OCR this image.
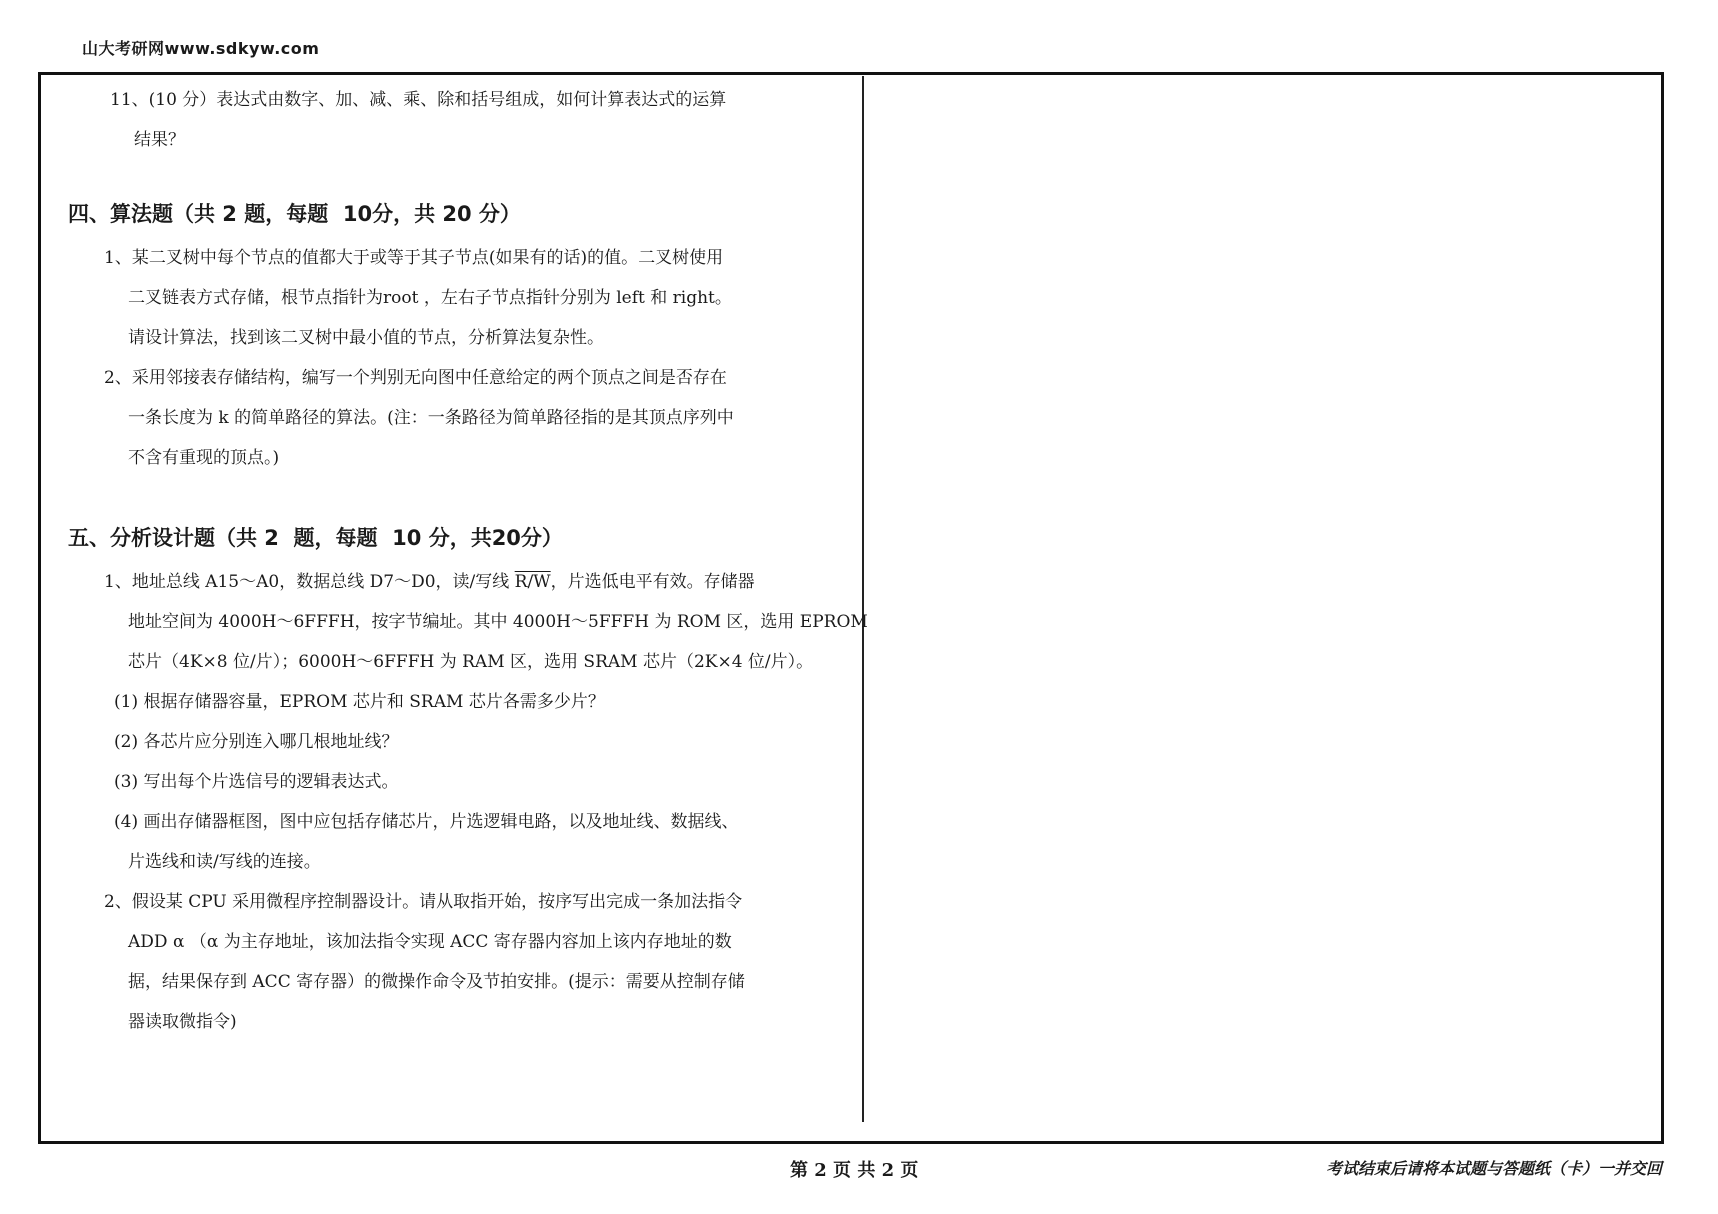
山大考研网www.sdkyw.com
11、(10 分）表达式由数字、加、减、乘、除和括号组成，如何计算表达式的运算
结果？
四、算法题（共 2 题，每题  10分，共 20 分）
1、某二叉树中每个节点的值都大于或等于其子节点(如果有的话)的值。二叉树使用
二叉链表方式存储，根节点指针为root ，左右子节点指针分别为 left 和 right。
请设计算法，找到该二叉树中最小值的节点，分析算法复杂性。
2、采用邻接表存储结构，编写一个判别无向图中任意给定的两个顶点之间是否存在
一条长度为 k 的简单路径的算法。(注：一条路径为简单路径指的是其顶点序列中
不含有重现的顶点。)
五、分析设计题（共 2  题，每题  10 分，共20分）
1、地址总线 A15～A0，数据总线 D7～D0，读/写线 R/W，片选低电平有效。存储器
地址空间为 4000H～6FFFH，按字节编址。其中 4000H～5FFFH 为 ROM 区，选用 EPROM
芯片（4K×8 位/片）；6000H～6FFFH 为 RAM 区，选用 SRAM 芯片（2K×4 位/片）。
(1) 根据存储器容量，EPROM 芯片和 SRAM 芯片各需多少片？
(2) 各芯片应分别连入哪几根地址线？
(3) 写出每个片选信号的逻辑表达式。
(4) 画出存储器框图，图中应包括存储芯片，片选逻辑电路，以及地址线、数据线、
片选线和读/写线的连接。
2、假设某 CPU 采用微程序控制器设计。请从取指开始，按序写出完成一条加法指令
ADD α （α 为主存地址，该加法指令实现 ACC 寄存器内容加上该内存地址的数
据，结果保存到 ACC 寄存器）的微操作命令及节拍安排。(提示：需要从控制存储
器读取微指令)
第 2 页 共 2 页	考试结束后请将本试题与答题纸（卡）一并交回
